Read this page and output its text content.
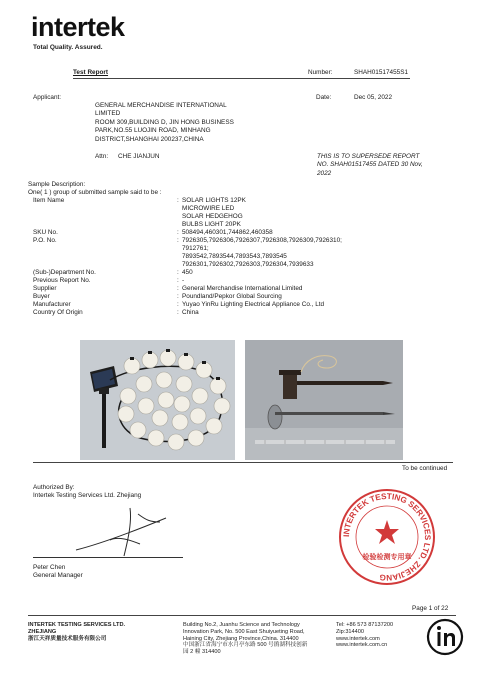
intertek
Total Quality. Assured.
Test Report	Number:	SHAH01517455S1
Applicant:
GENERAL MERCHANDISE INTERNATIONAL
LIMITED
ROOM 309,BUILDING D, JIN HONG BUSINESS
PARK,NO.55 LUOJIN ROAD, MINHANG
DISTRICT,SHANGHAI 200237,CHINA
Date:	Dec 05, 2022
Attn: CHE JIANJUN	THIS IS TO SUPERSEDE REPORT
NO. SHAH01517455 DATED 30 Nov,
2022
Sample Description:
One( 1 ) group of submitted sample said to be :
Item Name	: SOLAR LIGHTS 12PK
MICROWIRE LED
SOLAR HEDGEHOG
BULBS LIGHT 20PK
SKU No.	: 508494,460301,744862,460358
P.O. No.	: 7926305,7926306,7926307,7926308,7926309,7926310;
7912761;
7893542,7893544,7893543,7893545
7926301,7926302,7926303,7926304,7939633
(Sub-)Department No.	: 450
Previous Report No.	: -
Supplier	: General Merchandise International Limited
Buyer	: Poundland/Pepkor Global Sourcing
Manufacturer	: Yuyao YinRu Lighting Electrical Appliance Co., Ltd
Country Of Origin	: China
To be continued
Authorized By:
Intertek Testing Services Ltd. Zhejiang
Peter Chen
General Manager
INTERTEK TESTING SERVICES LTD. ZHEJIANG
检验检测专用章
Page 1 of 22
INTERTEK TESTING SERVICES LTD.
ZHEJIANG
浙江天祥质量技术服务有限公司
Building No.2, Juanhu Science and Technology
Innovation Park, No. 500 East Shuiyueting Road,
Haining City, Zhejiang Province,China. 314400
中国浙江省海宁市水月亭东路 500 号鹃湖科技创新
园 2 幢 314400
Tel: +86 573 87137200
Zip:314400
www.intertek.com
www.intertek.com.cn
